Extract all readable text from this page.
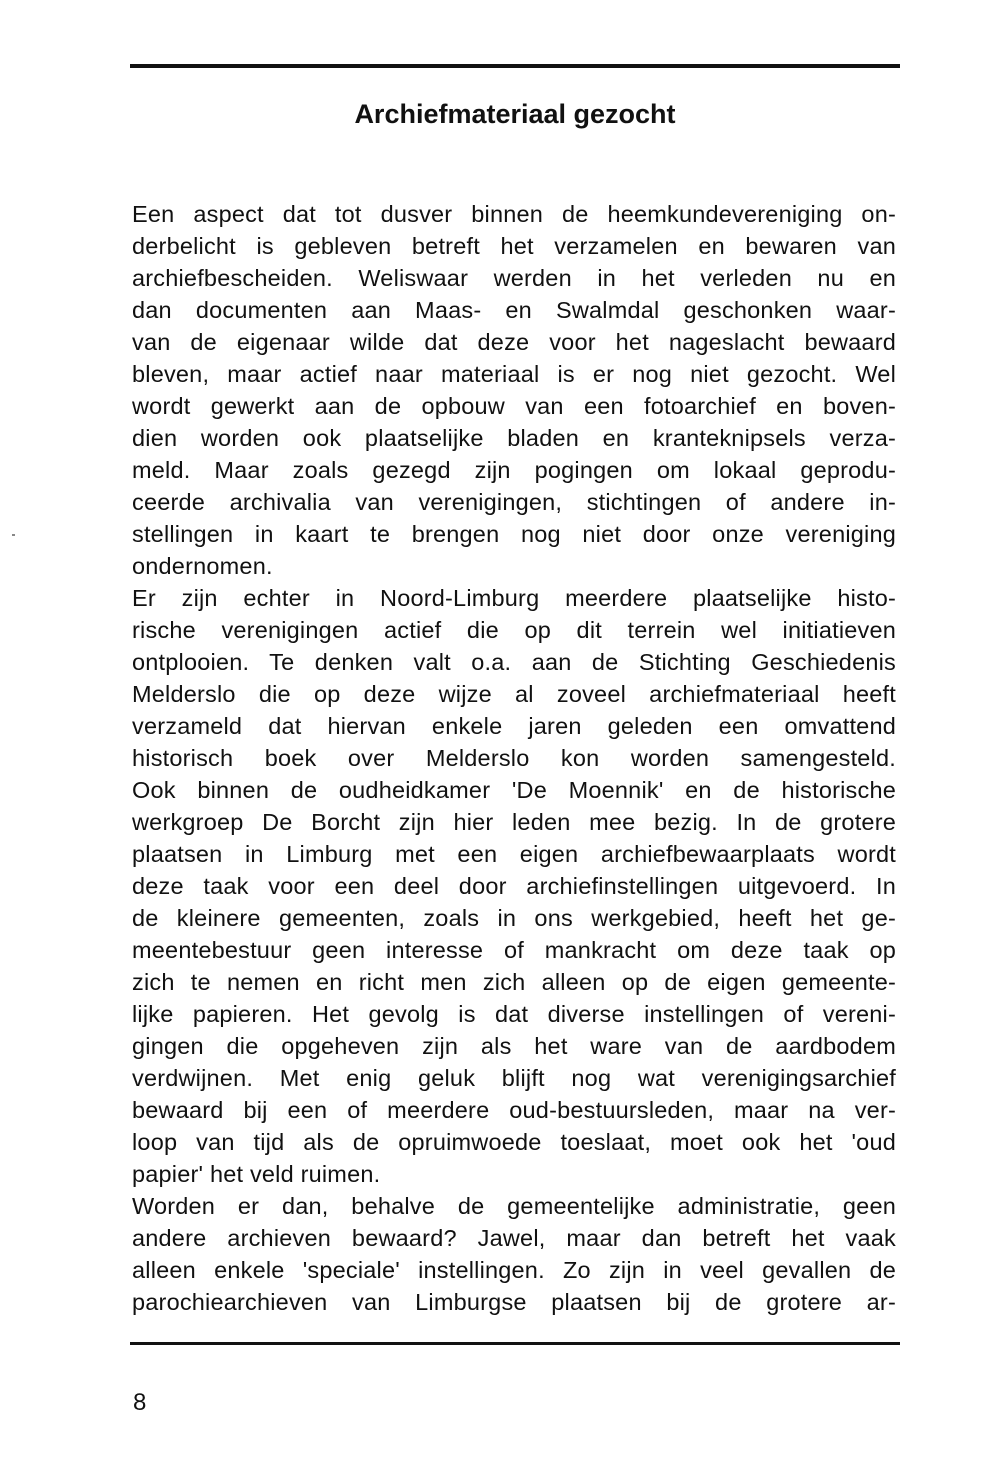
Archiefmateriaal gezocht
Een aspect dat tot dusver binnen de heemkundevereniging on-
derbelicht is gebleven betreft het verzamelen en bewaren van
archiefbescheiden. Weliswaar werden in het verleden nu en
dan documenten aan Maas- en Swalmdal geschonken waar-
van de eigenaar wilde dat deze voor het nageslacht bewaard
bleven, maar actief naar materiaal is er nog niet gezocht. Wel
wordt gewerkt aan de opbouw van een fotoarchief en boven-
dien worden ook plaatselijke bladen en kranteknipsels verza-
meld. Maar zoals gezegd zijn pogingen om lokaal geprodu-
ceerde archivalia van verenigingen, stichtingen of andere in-
stellingen in kaart te brengen nog niet door onze vereniging
ondernomen.
Er zijn echter in Noord-Limburg meerdere plaatselijke histo-
rische verenigingen actief die op dit terrein wel initiatieven
ontplooien. Te denken valt o.a. aan de Stichting Geschiedenis
Melderslo die op deze wijze al zoveel archiefmateriaal heeft
verzameld dat hiervan enkele jaren geleden een omvattend
historisch boek over Melderslo kon worden samengesteld.
Ook binnen de oudheidkamer 'De Moennik' en de historische
werkgroep De Borcht zijn hier leden mee bezig. In de grotere
plaatsen in Limburg met een eigen archiefbewaarplaats wordt
deze taak voor een deel door archiefinstellingen uitgevoerd. In
de kleinere gemeenten, zoals in ons werkgebied, heeft het ge-
meentebestuur geen interesse of mankracht om deze taak op
zich te nemen en richt men zich alleen op de eigen gemeente-
lijke papieren. Het gevolg is dat diverse instellingen of vereni-
gingen die opgeheven zijn als het ware van de aardbodem
verdwijnen. Met enig geluk blijft nog wat verenigingsarchief
bewaard bij een of meerdere oud-bestuursleden, maar na ver-
loop van tijd als de opruimwoede toeslaat, moet ook het 'oud
papier' het veld ruimen.
Worden er dan, behalve de gemeentelijke administratie, geen
andere archieven bewaard? Jawel, maar dan betreft het vaak
alleen enkele 'speciale' instellingen. Zo zijn in veel gevallen de
parochiearchieven van Limburgse plaatsen bij de grotere ar-
8
